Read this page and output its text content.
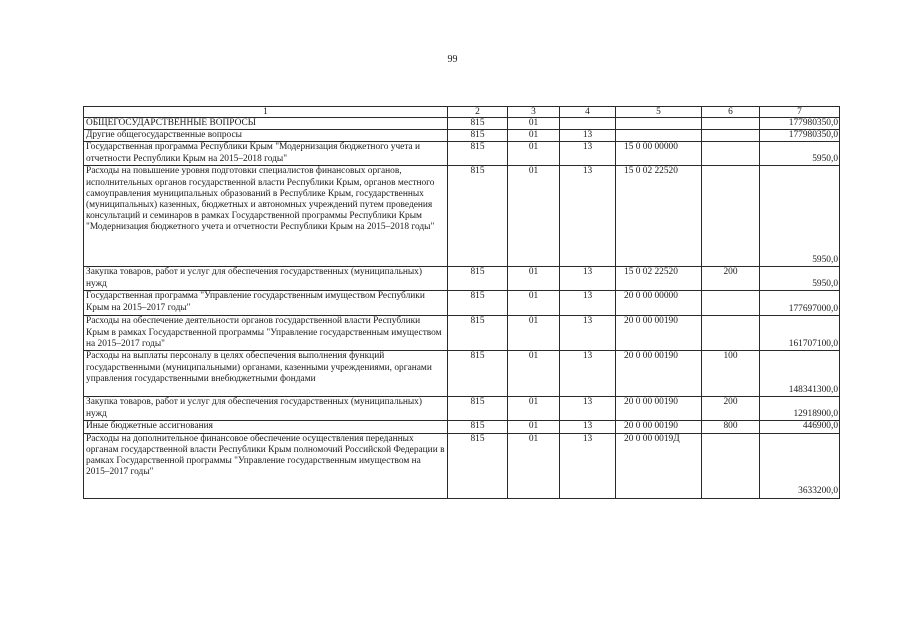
99
1	2	3	4	5	6	7
ОБЩЕГОСУДАРСТВЕННЫЕ ВОПРОСЫ	815	01				177980350,0
Другие общегосударственные вопросы	815	01	13			177980350,0
Государственная программа Республики Крым "Модернизация бюджетного учета и отчетности Республики Крым на 2015–2018 годы"	815	01	13	15 0 00 00000		5950,0
Расходы на повышение уровня подготовки специалистов финансовых органов, исполнительных органов государственной власти Республики Крым, органов местного самоуправления муниципальных образований в Республике Крым, государственных (муниципальных) казенных, бюджетных и автономных учреждений путем проведения консультаций и семинаров в рамках Государственной программы Республики Крым "Модернизация бюджетного учета и отчетности Республики Крым на 2015–2018 годы"	815	01	13	15 0 02 22520		5950,0
Закупка товаров, работ и услуг для обеспечения государственных (муниципальных) нужд	815	01	13	15 0 02 22520	200	5950,0
Государственная программа "Управление государственным имуществом Республики Крым на 2015–2017 годы"	815	01	13	20 0 00 00000		177697000,0
Расходы на обеспечение деятельности органов государственной власти Республики Крым в рамках Государственной программы "Управление государственным имуществом на 2015–2017 годы"	815	01	13	20 0 00 00190		161707100,0
Расходы на выплаты персоналу в целях обеспечения выполнения функций государственными (муниципальными) органами, казенными учреждениями, органами управления государственными внебюджетными фондами	815	01	13	20 0 00 00190	100	148341300,0
Закупка товаров, работ и услуг для обеспечения государственных (муниципальных) нужд	815	01	13	20 0 00 00190	200	12918900,0
Иные бюджетные ассигнования	815	01	13	20 0 00 00190	800	446900,0
Расходы на дополнительное финансовое обеспечение осуществления переданных органам государственной власти Республики Крым полномочий Российской Федерации в рамках Государственной программы "Управление государственным имуществом на 2015–2017 годы"	815	01	13	20 0 00 0019Д		3633200,0
